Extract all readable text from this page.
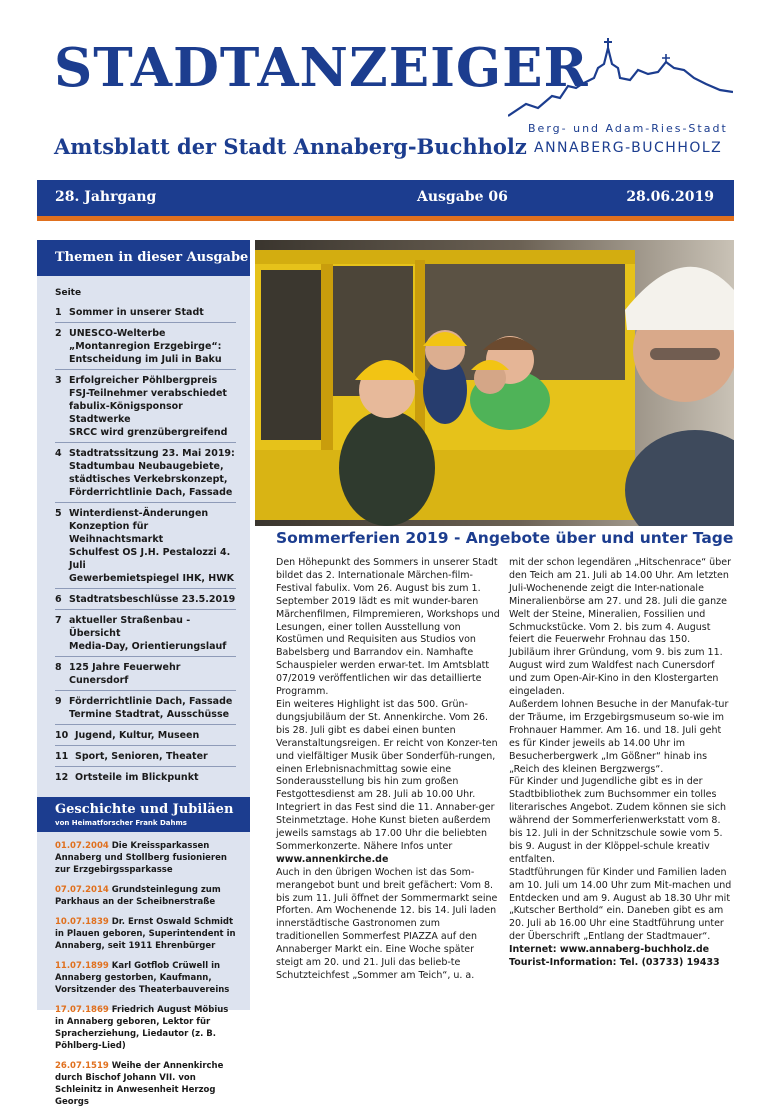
STADTANZEIGER
Amtsblatt der Stadt Annaberg-Buchholz
Berg- und Adam-Ries-Stadt
ANNABERG-BUCHHOLZ
28. Jahrgang	Ausgabe 06	28.06.2019
Themen in dieser Ausgabe
Seite
1 Sommer in unserer Stadt
2 UNESCO-Welterbe
„Montanregion Erzgebirge“:
Entscheidung im Juli in Baku
3 Erfolgreicher Pöhlbergpreis
FSJ-Teilnehmer verabschiedet
fabulix-Königsponsor Stadtwerke
SRCC wird grenzübergreifend
4 Stadtratssitzung 23. Mai 2019:
Stadtumbau Neubaugebiete,
städtisches Verkebrskonzept,
Förderrichtlinie Dach, Fassade
5 Winterdienst-Änderungen
Konzeption für Weihnachtsmarkt
Schulfest OS J.H. Pestalozzi 4. Juli
Gewerbemietspiegel IHK, HWK
6 Stadtratsbeschlüsse 23.5.2019
7 aktueller Straßenbau - Übersicht
Media-Day, Orientierungslauf
8 125 Jahre Feuerwehr Cunersdorf
9 Förderrichtlinie Dach, Fassade
Termine Stadtrat, Ausschüsse
10 Jugend, Kultur, Museen
11 Sport, Senioren, Theater
12 Ortsteile im Blickpunkt
Geschichte und Jubiläen
von Heimatforscher Frank Dahms
01.07.2004 Die Kreissparkassen Annaberg und Stollberg fusionieren zur Erzgebirgssparkasse
07.07.2014 Grundsteinlegung zum Parkhaus an der Scheibnerstraße
10.07.1839 Dr. Ernst Oswald Schmidt in Plauen geboren, Superintendent in Annaberg, seit 1911 Ehrenbürger
11.07.1899 Karl Gotflob Crüwell in Annaberg gestorben, Kaufmann, Vorsitzender des Theaterbauvereins
17.07.1869 Friedrich August Möbius in Annaberg geboren, Lektor für Spracherziehung, Liedautor (z. B. Pöhlberg-Lied)
26.07.1519 Weihe der Annenkirche durch Bischof Johann VII. von Schleinitz in Anwesenheit Herzog Georgs
Sommerferien 2019 - Angebote über und unter Tage

Den Höhepunkt des Sommers in unserer Stadt bildet das 2. Internationale Märchen-film-Festival fabulix. Vom 26. August bis zum 1. September 2019 lädt es mit wunder-baren Märchenfilmen, Filmpremieren, Workshops und Lesungen, einer tollen Ausstellung von Kostümen und Requisiten aus Studios von Babelsberg und Barrandov ein. Namhafte Schauspieler werden erwar-tet. Im Amtsblatt 07/2019 veröffentlichen wir das detaillierte Programm.

Ein weiteres Highlight ist das 500. Grün-dungsjubiläum der St. Annenkirche. Vom 26. bis 28. Juli gibt es dabei einen bunten Veranstaltungsreigen. Er reicht von Konzer-ten und vielfältiger Musik über Sonderfüh-rungen, einen Erlebnisnachmittag sowie eine Sonderausstellung bis hin zum großen Festgottesdienst am 28. Juli ab 10.00 Uhr. Integriert in das Fest sind die 11. Annaber-ger Steinmetztage. Hohe Kunst bieten außerdem jeweils samstags ab 17.00 Uhr die beliebten Sommerkonzerte. Nähere Infos unter www.annenkirche.de

Auch in den übrigen Wochen ist das Som-merangebot bunt und breit gefächert: Vom 8. bis zum 11. Juli öffnet der Sommermarkt seine Pforten. Am Wochenende 12. bis 14. Juli laden innerstädtische Gastronomen zum traditionellen Sommerfest PIAZZA auf den Annaberger Markt ein. Eine Woche später steigt am 20. und 21. Juli das belieb-te Schutzteichfest „Sommer am Teich“, u. a.

mit der schon legendären „Hitschenrace“ über den Teich am 21. Juli ab 14.00 Uhr. Am letzten Juli-Wochenende zeigt die Inter-nationale Mineralienbörse am 27. und 28. Juli die ganze Welt der Steine, Mineralien, Fossilien und Schmuckstücke. Vom 2. bis zum 4. August feiert die Feuerwehr Frohnau das 150. Jubiläum ihrer Gründung, vom 9. bis zum 11. August wird zum Waldfest nach Cunersdorf und zum Open-Air-Kino in den Klostergarten eingeladen.

Außerdem lohnen Besuche in der Manufak-tur der Träume, im Erzgebirgsmuseum so-wie im Frohnauer Hammer. Am 16. und 18. Juli geht es für Kinder jeweils ab 14.00 Uhr im Besucherbergwerk „Im Gößner“ hinab ins „Reich des kleinen Bergzwergs“.

Für Kinder und Jugendliche gibt es in der Stadtbibliothek zum Buchsommer ein tolles literarisches Angebot. Zudem können sie sich während der Sommerferienwerkstatt vom 8. bis 12. Juli in der Schnitzschule sowie vom 5. bis 9. August in der Klöppel-schule kreativ entfalten.

Stadtführungen für Kinder und Familien laden am 10. Juli um 14.00 Uhr zum Mit-machen und Entdecken und am 9. August ab 18.30 Uhr mit „Kutscher Berthold“ ein. Daneben gibt es am 20. Juli ab 16.00 Uhr eine Stadtführung unter der Überschrift „Entlang der Stadtmauer“.

Internet: www.annaberg-buchholz.de

Tourist-Information: Tel. (03733) 19433
